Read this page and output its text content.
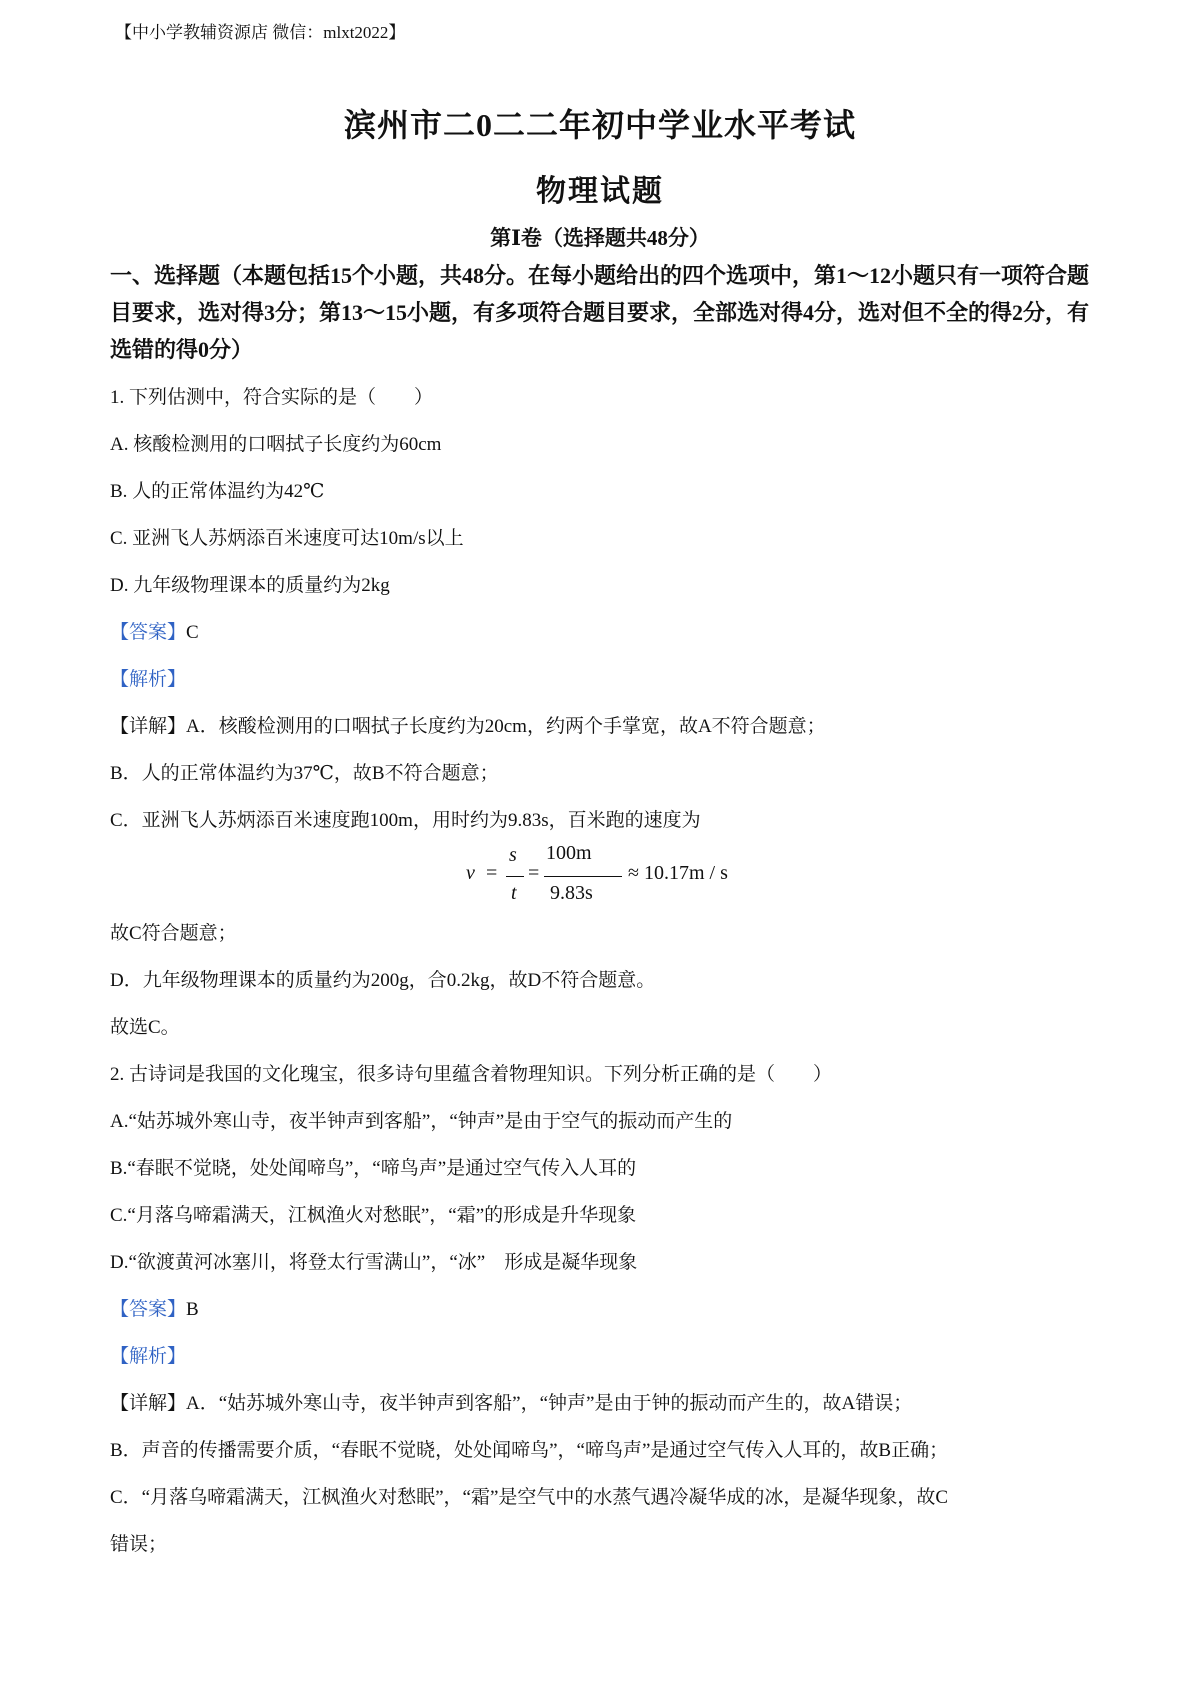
【中小学教辅资源店 微信：mlxt2022】
滨州市二0二二年初中学业水平考试
物理试题
第Ⅰ卷（选择题共48分）
一、选择题（本题包括15个小题，共48分。在每小题给出的四个选项中，第1～12小题只有一项符合题目要求，选对得3分；第13～15小题，有多项符合题目要求，全部选对得4分，选对但不全的得2分，有选错的得0分）
1. 下列估测中，符合实际的是（　　）
A. 核酸检测用的口咽拭子长度约为60cm
B. 人的正常体温约为42℃
C. 亚洲飞人苏炳添百米速度可达10m/s以上
D. 九年级物理课本的质量约为2kg
【答案】C
【解析】
【详解】A．核酸检测用的口咽拭子长度约为20cm，约两个手掌宽，故A不符合题意；
B．人的正常体温约为37℃，故B不符合题意；
C．亚洲飞人苏炳添百米速度跑100m，用时约为9.83s，百米跑的速度为
v =
s
t
=
100m
9.83s
≈ 10.17m / s
故C符合题意；
D．九年级物理课本的质量约为200g，合0.2kg，故D不符合题意。
故选C。
2. 古诗词是我国的文化瑰宝，很多诗句里蕴含着物理知识。下列分析正确的是（　　）
A.“姑苏城外寒山寺，夜半钟声到客船”，“钟声”是由于空气的振动而产生的
B.“春眠不觉晓，处处闻啼鸟”，“啼鸟声”是通过空气传入人耳的
C.“月落乌啼霜满天，江枫渔火对愁眠”，“霜”的形成是升华现象
D.“欲渡黄河冰塞川，将登太行雪满山”，“冰”　形成是凝华现象
【答案】B
【解析】
【详解】A．“姑苏城外寒山寺，夜半钟声到客船”，“钟声”是由于钟的振动而产生的，故A错误；
B．声音的传播需要介质，“春眠不觉晓，处处闻啼鸟”，“啼鸟声”是通过空气传入人耳的，故B正确；
C．“月落乌啼霜满天，江枫渔火对愁眠”，“霜”是空气中的水蒸气遇冷凝华成的冰，是凝华现象，故C
错误；
